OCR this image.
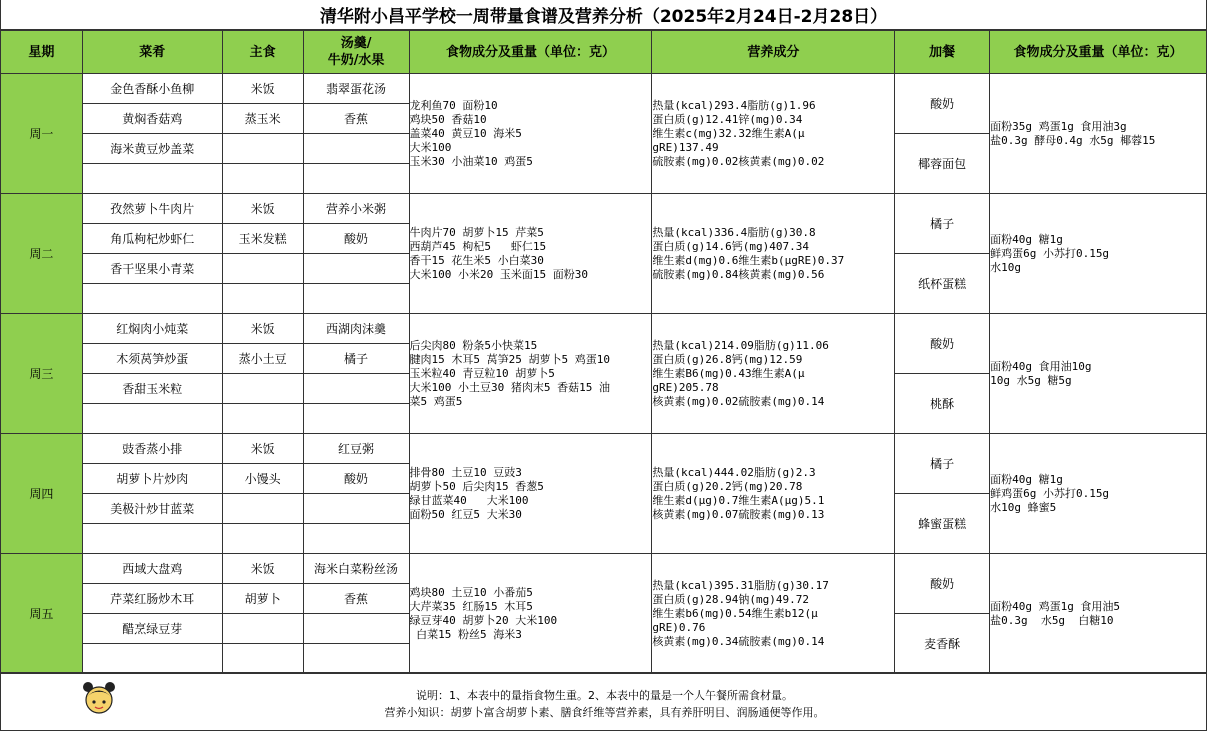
清华附小昌平学校一周带量食谱及营养分析（2025年2月24日-2月28日）
星期	菜肴	主食	汤羹/
牛奶/水果	食物成分及重量（单位：克）	营养成分	加餐	食物成分及重量（单位：克）
周一	金色香酥小鱼柳	米饭	翡翠蛋花汤	龙利鱼70 面粉10
鸡块50 香菇10
盖菜40 黄豆10 海米5
大米100
玉米30 小油菜10 鸡蛋5	热量(kcal)293.4脂肪(g)1.96
蛋白质(g)12.41锌(mg)0.34
维生素c(mg)32.32维生素A(μ
gRE)137.49
硫胺素(mg)0.02核黄素(mg)0.02	酸奶	面粉35g 鸡蛋1g 食用油3g
盐0.3g 酵母0.4g 水5g 椰蓉15

	黄焖香菇鸡	蒸玉米	香蕉				
	海米黄豆炒盖菜					椰蓉面包	

周二	孜然萝卜牛肉片	米饭	营养小米粥	牛肉片70 胡萝卜15 芹菜5
西葫芦45 枸杞5   虾仁15
香干15 花生米5 小白菜30
大米100 小米20 玉米面15 面粉30	热量(kcal)336.4脂肪(g)30.8
蛋白质(g)14.6钙(mg)407.34
维生素d(mg)0.6维生素b(μgRE)0.37
硫胺素(mg)0.84核黄素(mg)0.56	橘子	面粉40g 糖1g
鲜鸡蛋6g 小苏打0.15g
水10g

	角瓜枸杞炒虾仁	玉米发糕	酸奶				
	香干坚果小青菜					纸杯蛋糕	

周三	红焖肉小炖菜	米饭	西湖肉沫羹	后尖肉80 粉条5小快菜15
腱肉15 木耳5 莴笋25 胡萝卜5 鸡蛋10
玉米粒40 青豆粒10 胡萝卜5
大米100 小土豆30 猪肉末5 香菇15 油
菜5 鸡蛋5	热量(kcal)214.09脂肪(g)11.06
蛋白质(g)26.8钙(mg)12.59
维生素B6(mg)0.43维生素A(μ
gRE)205.78
核黄素(mg)0.02硫胺素(mg)0.14	酸奶	面粉40g 食用油10g
10g 水5g 糖5g

	木须莴笋炒蛋	蒸小土豆	橘子				
	香甜玉米粒					桃酥	

周四	豉香蒸小排	米饭	红豆粥	排骨80 土豆10 豆豉3
胡萝卜50 后尖肉15 香葱5
绿甘蓝菜40   大米100
面粉50 红豆5 大米30	热量(kcal)444.02脂肪(g)2.3
蛋白质(g)20.2钙(mg)20.78
维生素d(μg)0.7维生素A(μg)5.1
核黄素(mg)0.07硫胺素(mg)0.13	橘子	面粉40g 糖1g
鲜鸡蛋6g 小苏打0.15g
水10g 蜂蜜5

	胡萝卜片炒肉	小馒头	酸奶				
	美极汁炒甘蓝菜					蜂蜜蛋糕	

周五	西域大盘鸡	米饭	海米白菜粉丝汤	鸡块80 土豆10 小番茄5
大芹菜35 红肠15 木耳5
绿豆芽40 胡萝卜20 大米100
白菜15 粉丝5 海米3	热量(kcal)395.31脂肪(g)30.17
蛋白质(g)28.94钠(mg)49.72
维生素b6(mg)0.54维生素b12(μ
gRE)0.76
核黄素(mg)0.34硫胺素(mg)0.14	酸奶	面粉40g 鸡蛋1g 食用油5
盐0.3g  水5g  白糖10

	芹菜红肠炒木耳	胡萝卜	香蕉				
	醋烹绿豆芽					麦香酥	

说明：1、本表中的量指食物生重。2、本表中的量是一个人午餐所需食材量。
营养小知识：胡萝卜富含胡萝卜素、膳食纤维等营养素，具有养肝明目、润肠通便等作用。
